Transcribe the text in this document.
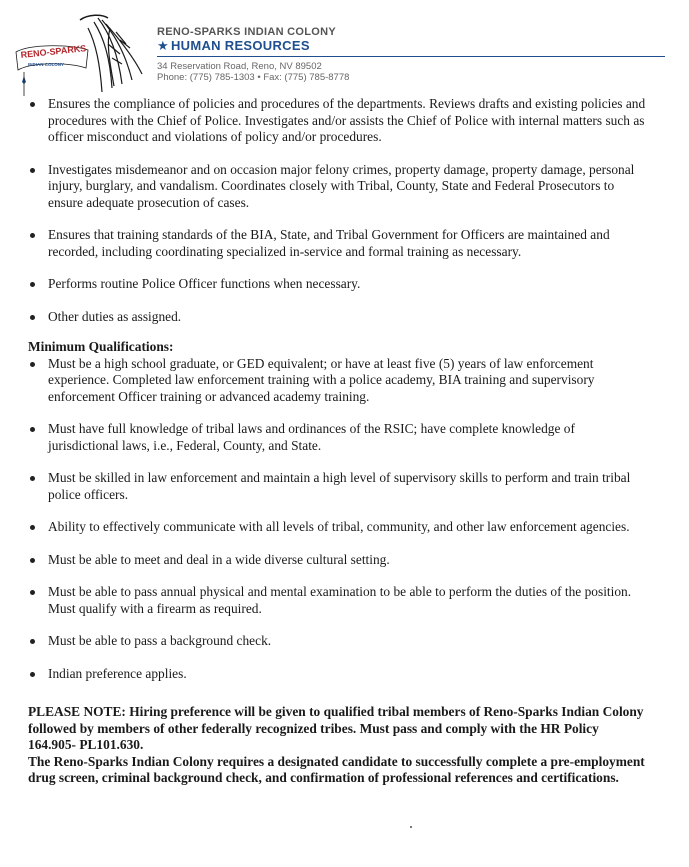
RENO-SPARKS
INDIAN COLONY
RENO-SPARKS INDIAN COLONY
★ HUMAN RESOURCES
34 Reservation Road, Reno, NV 89502
Phone: (775) 785-1303 • Fax: (775) 785-8778
Ensures the compliance of policies and procedures of the departments. Reviews drafts and existing policies and procedures with the Chief of Police. Investigates and/or assists the Chief of Police with internal matters such as officer misconduct and violations of policy and/or procedures.
Investigates misdemeanor and on occasion major felony crimes, property damage, property damage, personal injury, burglary, and vandalism. Coordinates closely with Tribal, County, State and Federal Prosecutors to ensure adequate prosecution of cases.
Ensures that training standards of the BIA, State, and Tribal Government for Officers are maintained and recorded, including coordinating specialized in-service and formal training as necessary.
Performs routine Police Officer functions when necessary.
Other duties as assigned.
Minimum Qualifications:
Must be a high school graduate, or GED equivalent; or have at least five (5) years of law enforcement experience. Completed law enforcement training with a police academy, BIA training and supervisory enforcement Officer training or advanced academy training.
Must have full knowledge of tribal laws and ordinances of the RSIC; have complete knowledge of jurisdictional laws, i.e., Federal, County, and State.
Must be skilled in law enforcement and maintain a high level of supervisory skills to perform and train tribal police officers.
Ability to effectively communicate with all levels of tribal, community, and other law enforcement agencies.
Must be able to meet and deal in a wide diverse cultural setting.
Must be able to pass annual physical and mental examination to be able to perform the duties of the position. Must qualify with a firearm as required.
Must be able to pass a background check.
Indian preference applies.

PLEASE NOTE: Hiring preference will be given to qualified tribal members of Reno-Sparks Indian Colony followed by members of other federally recognized tribes. Must pass and comply with the HR Policy 164.905- PL101.630.

The Reno-Sparks Indian Colony requires a designated candidate to successfully complete a pre-employment drug screen, criminal background check, and confirmation of professional references and certifications.
